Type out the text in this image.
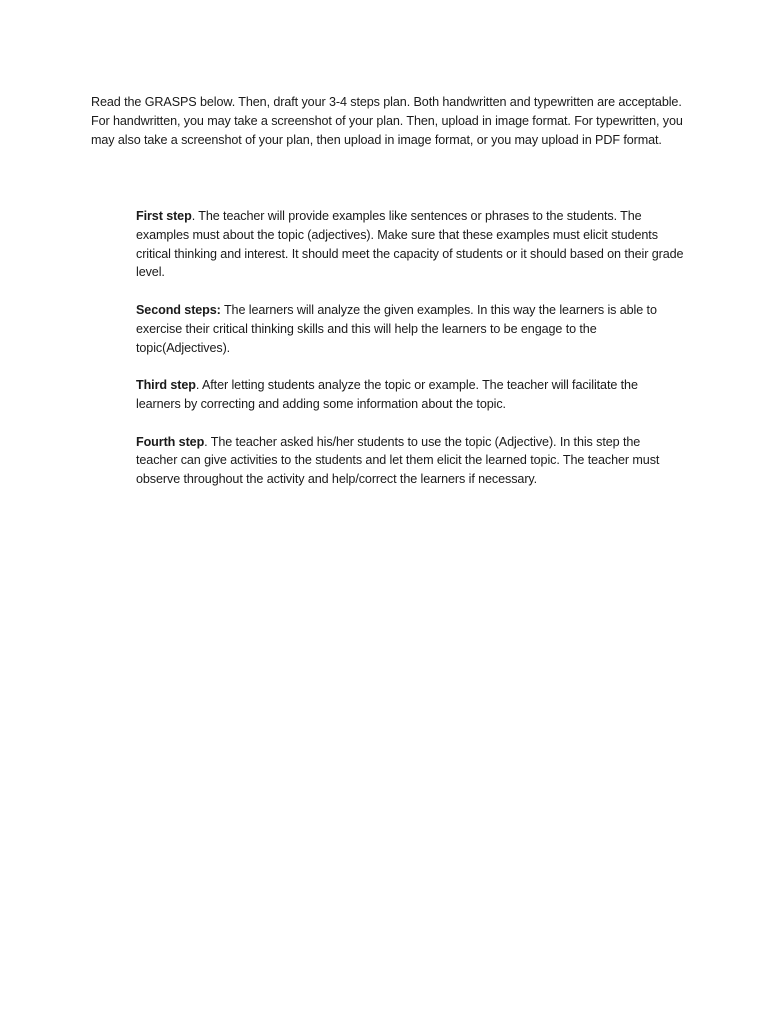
Read the GRASPS below. Then, draft your 3-4 steps plan. Both handwritten and typewritten are acceptable. For handwritten, you may take a screenshot of your plan. Then, upload in image format. For typewritten, you may also take a screenshot of your plan, then upload in image format, or you may upload in PDF format.

First step. The teacher will provide examples like sentences or phrases to the students. The examples must about the topic (adjectives). Make sure that these examples must elicit students critical thinking and interest. It should meet the capacity of students or it should based on their grade level.

Second steps: The learners will analyze the given examples. In this way the learners is able to exercise their critical thinking skills and this will help the learners to be engage to the topic(Adjectives).

Third step. After letting students analyze the topic or example. The teacher will facilitate the learners by correcting and adding some information about the topic.

Fourth step. The teacher asked his/her students to use the topic (Adjective). In this step the teacher can give activities to the students and let them elicit the learned topic. The teacher must observe throughout the activity and help/correct the learners if necessary.
